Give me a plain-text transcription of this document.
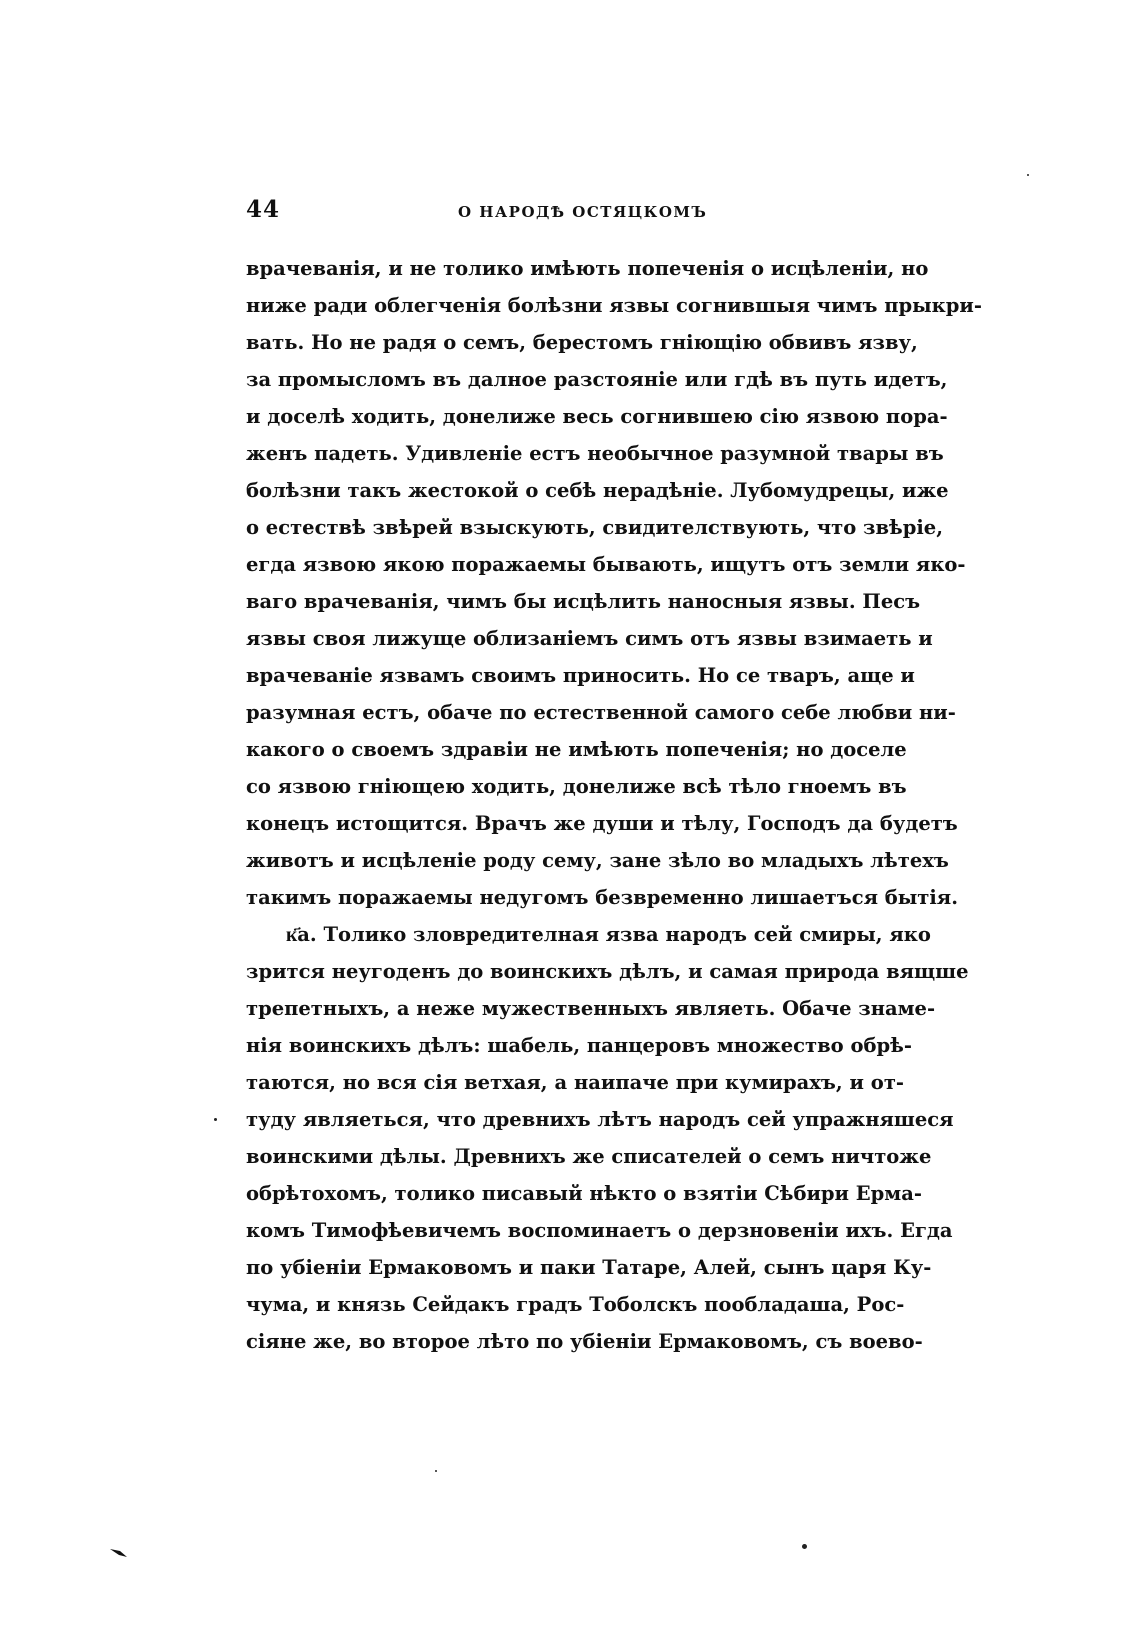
44	О НАРОДѢ ОСТЯЦКОМЪ
врачеванія, и не толико имѣють попеченія о исцѣленіи, но
ниже ради облегченія болѣзни язвы согнившыя чимъ прыкри-
вать. Но не радя о семъ, берестомъ гніющію обвивъ язву,
за промысломъ въ далное разстояніе или гдѣ въ путь идетъ,
и доселѣ ходить, донелиже весь согнившею сію язвою пора-
женъ падеть. Удивленіе естъ необычное разумной твары въ
болѣзни такъ жестокой о себѣ нерадѣніе. Лубомудрецы, иже
о естествѣ звѣрей взыскують, свидителствують, что звѣріе,
егда язвою якою поражаемы бывають, ищутъ отъ земли яко-
ваго врачеванія, чимъ бы исцѣлить наносныя язвы. Песъ
язвы своя лижуще облизаніемъ симъ отъ язвы взимаеть и
врачеваніе язвамъ своимъ приносить. Но се тваръ, аще и
разумная естъ, обаче по естественной самого себе любви ни-
какого о своемъ здравіи не имѣють попеченія; но доселе
со язвою гніющею ходить, донелиже всѣ тѣло гноемъ въ
конецъ истощится. Врачъ же души и тѣлу, Господъ да будетъ
животъ и исцѣленіе роду сему, зане зѣло во младыхъ лѣтехъ
такимъ поражаемы недугомъ безвременно лишаетъся бытія.
к҃а. Толико зловредителная язва народъ сей смиры, яко
зрится неугоденъ до воинскихъ дѣлъ, и самая природа вящше
трепетныхъ, а неже мужественныхъ являеть. Обаче знаме-
нія воинскихъ дѣлъ: шабель, панцеровъ множество обрѣ-
таются, но вся сія ветхая, а наипаче при кумирахъ, и от-
туду являеться, что древнихъ лѣтъ народъ сей упражняшеся
воинскими дѣлы. Древнихъ же списателей о семъ ничтоже
обрѣтохомъ, толико писавый нѣкто о взятіи Сѣбири Ерма-
комъ Тимофѣевичемъ воспоминаетъ о дерзновеніи ихъ. Егда
по убіеніи Ермаковомъ и паки Татаре, Алей, сынъ царя Ку-
чума, и князь Сейдакъ градъ Тоболскъ пообладаша, Рос-
сіяне же, во второе лѣто по убіеніи Ермаковомъ, съ воево-
